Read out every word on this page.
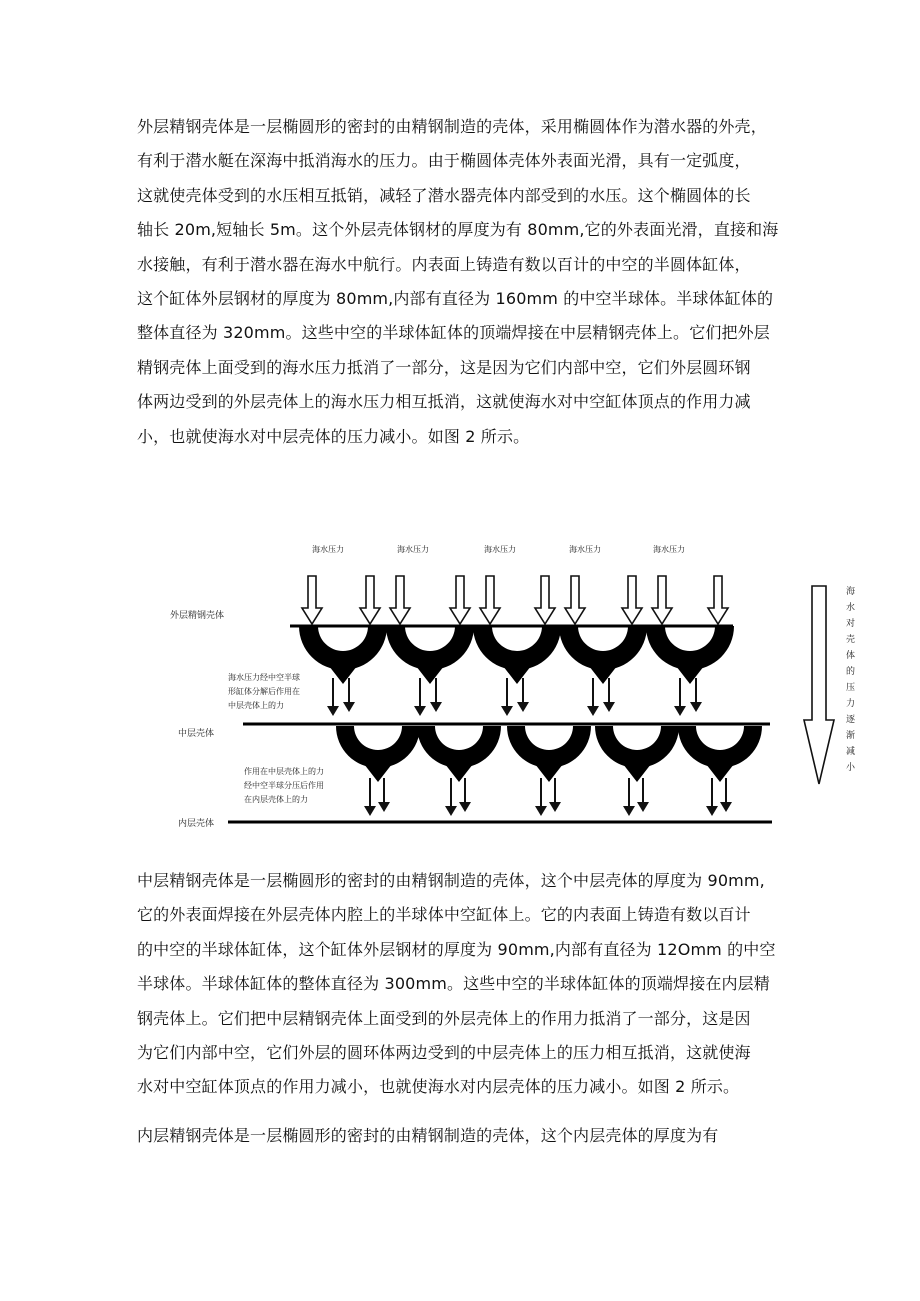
外层精钢壳体是一层椭圆形的密封的由精钢制造的壳体，采用椭圆体作为潜水器的外壳，
有利于潜水艇在深海中抵消海水的压力。由于椭圆体壳体外表面光滑，具有一定弧度，
这就使壳体受到的水压相互抵销，减轻了潜水器壳体内部受到的水压。这个椭圆体的长
轴长 20m,短轴长 5m。这个外层壳体钢材的厚度为有 80mm,它的外表面光滑，直接和海
水接触，有利于潜水器在海水中航行。内表面上铸造有数以百计的中空的半圆体缸体，
这个缸体外层钢材的厚度为 80mm,内部有直径为 160mm 的中空半球体。半球体缸体的
整体直径为 320mm。这些中空的半球体缸体的顶端焊接在中层精钢壳体上。它们把外层
精钢壳体上面受到的海水压力抵消了一部分，这是因为它们内部中空，它们外层圆环钢
体两边受到的外层壳体上的海水压力相互抵消，这就使海水对中空缸体顶点的作用力减
小，也就使海水对中层壳体的压力减小。如图 2 所示。
海水压力	海水压力	海水压力	海水压力	海水压力
外层精钢壳体
海水压力经中空半球
形缸体分解后作用在
中层壳体上的力
中层壳体
作用在中层壳体上的力
经中空半球分压后作用
在内层壳体上的力
内层壳体
海
水
对
壳
体
的
压
力
逐
渐
减
小
中层精钢壳体是一层椭圆形的密封的由精钢制造的壳体，这个中层壳体的厚度为 90mm,
它的外表面焊接在外层壳体内腔上的半球体中空缸体上。它的内表面上铸造有数以百计
的中空的半球体缸体，这个缸体外层钢材的厚度为 90mm,内部有直径为 12Omm 的中空
半球体。半球体缸体的整体直径为 300mm。这些中空的半球体缸体的顶端焊接在内层精
钢壳体上。它们把中层精钢壳体上面受到的外层壳体上的作用力抵消了一部分，这是因
为它们内部中空，它们外层的圆环体两边受到的中层壳体上的压力相互抵消，这就使海
水对中空缸体顶点的作用力减小，也就使海水对内层壳体的压力减小。如图 2 所示。
内层精钢壳体是一层椭圆形的密封的由精钢制造的壳体，这个内层壳体的厚度为有
